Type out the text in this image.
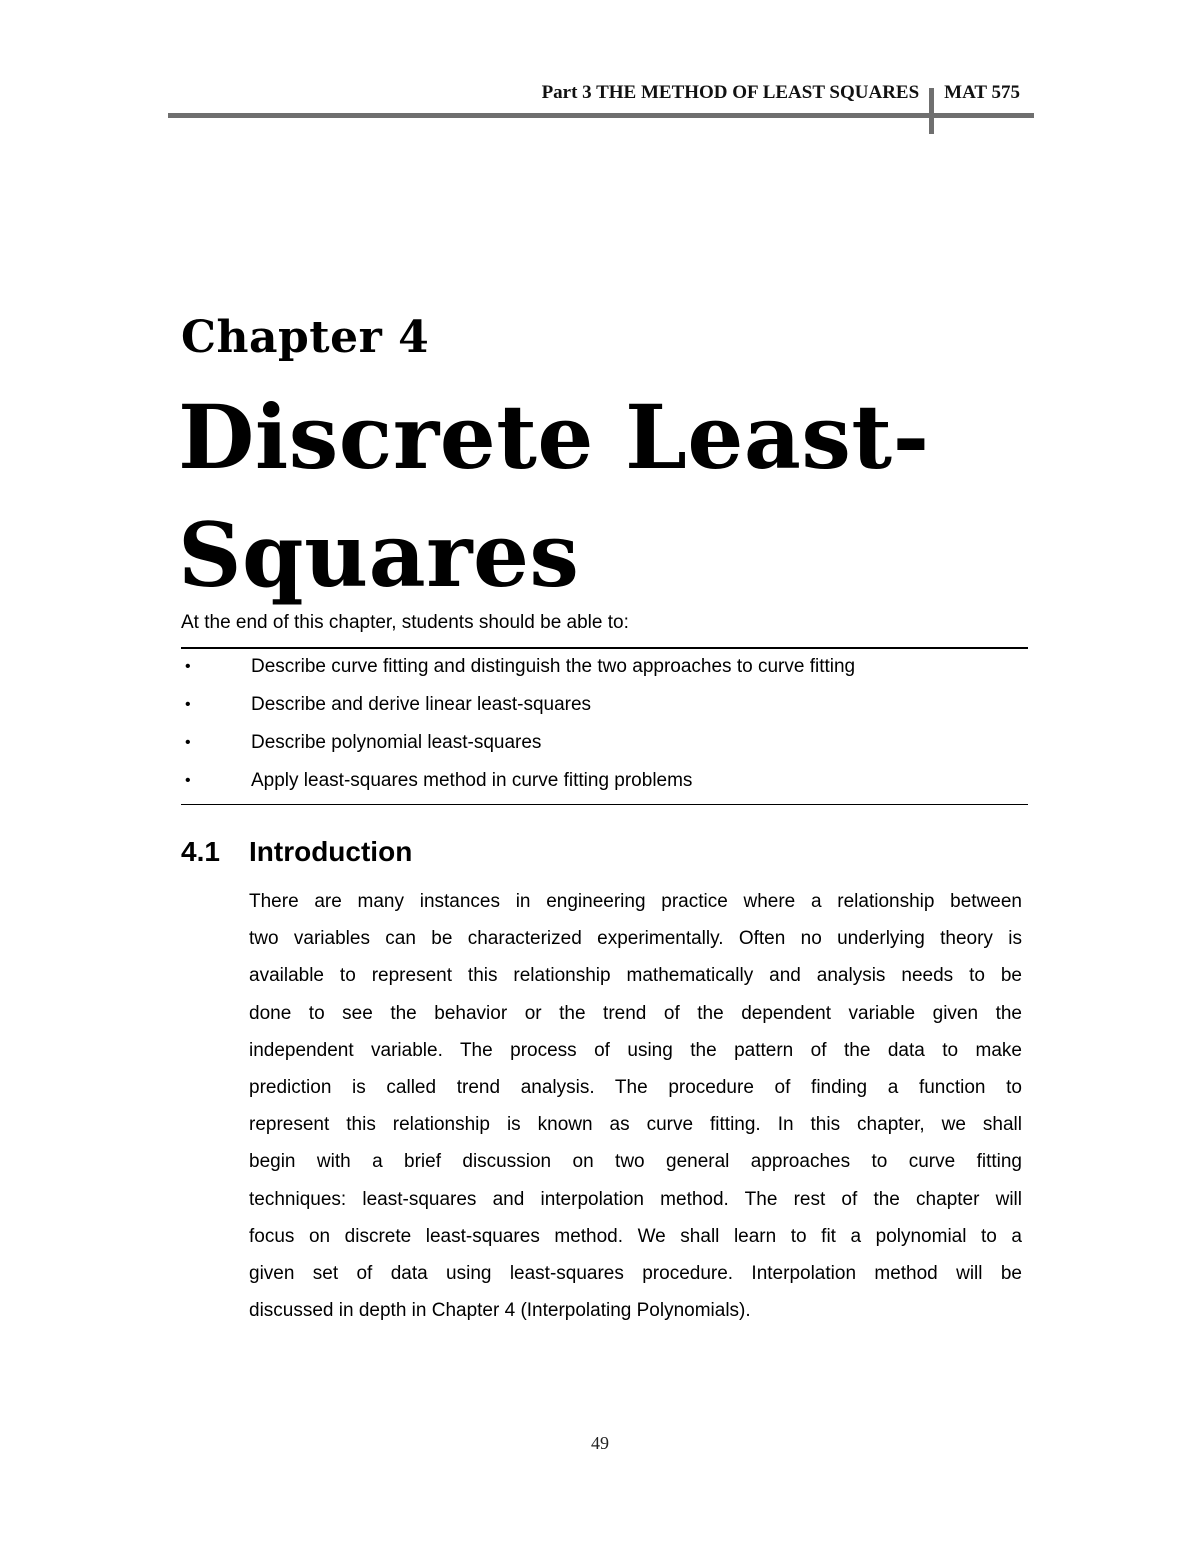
Part 3 THE METHOD OF LEAST SQUARES	MAT 575
Chapter 4
Discrete Least-
Squares

At the end of this chapter, students should be able to:

•	Describe curve fitting and distinguish the two approaches to curve fitting
•	Describe and derive linear least-squares
•	Describe polynomial least-squares
•	Apply least-squares method in curve fitting problems
4.1 Introduction

There are many instances in engineering practice where a relationship between
two variables can be characterized experimentally. Often no underlying theory is
available to represent this relationship mathematically and analysis needs to be
done to see the behavior or the trend of the dependent variable given the
independent variable. The process of using the pattern of the data to make
prediction is called trend analysis. The procedure of finding a function to
represent this relationship is known as curve fitting. In this chapter, we shall
begin with a brief discussion on two general approaches to curve fitting
techniques: least-squares and interpolation method. The rest of the chapter will
focus on discrete least-squares method. We shall learn to fit a polynomial to a
given set of data using least-squares procedure. Interpolation method will be
discussed in depth in Chapter 4 (Interpolating Polynomials).

49
